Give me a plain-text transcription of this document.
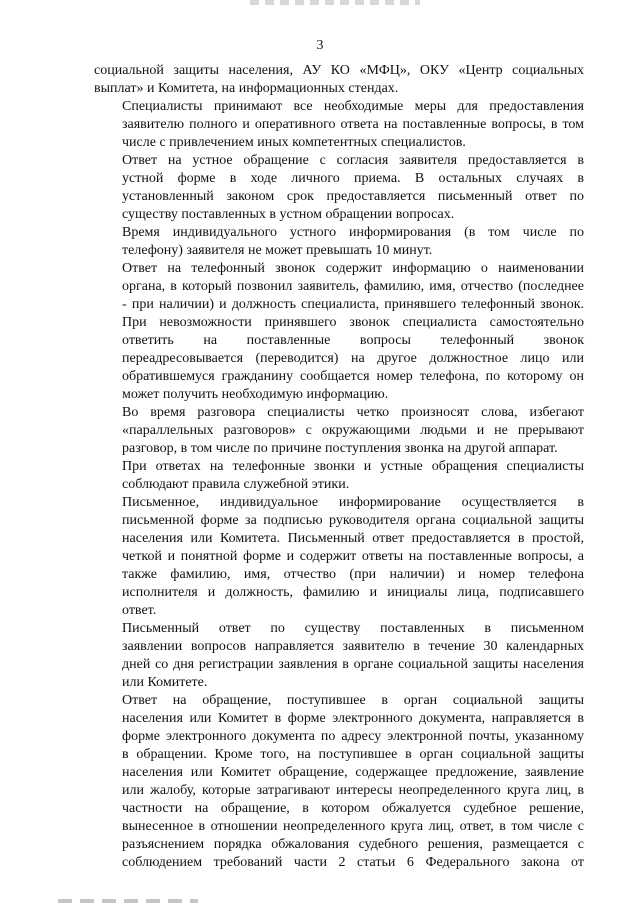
3

социальной защиты населения, АУ КО «МФЦ», ОКУ «Центр социальных
выплат» и Комитета, на информационных стендах.

Специалисты принимают все необходимые меры для предоставления
заявителю полного и оперативного ответа на поставленные вопросы, в том
числе с привлечением иных компетентных специалистов.

Ответ на устное обращение с согласия заявителя предоставляется в
устной форме в ходе личного приема. В остальных случаях в
установленный законом срок предоставляется письменный ответ по
существу поставленных в устном обращении вопросах.

Время индивидуального устного информирования (в том числе по
телефону) заявителя не может превышать 10 минут.

Ответ на телефонный звонок содержит информацию о наименовании
органа, в который позвонил заявитель, фамилию, имя, отчество (последнее
- при наличии) и должность специалиста, принявшего телефонный звонок.
При невозможности принявшего звонок специалиста самостоятельно
ответить на поставленные вопросы телефонный звонок
переадресовывается (переводится) на другое должностное лицо или
обратившемуся гражданину сообщается номер телефона, по которому он
может получить необходимую информацию.

Во время разговора специалисты четко произносят слова, избегают
«параллельных разговоров» с окружающими людьми и не прерывают
разговор, в том числе по причине поступления звонка на другой аппарат.

При ответах на телефонные звонки и устные обращения специалисты
соблюдают правила служебной этики.

Письменное, индивидуальное информирование осуществляется в
письменной форме за подписью руководителя органа социальной защиты
населения или Комитета. Письменный ответ предоставляется в простой,
четкой и понятной форме и содержит ответы на поставленные вопросы, а
также фамилию, имя, отчество (при наличии) и номер телефона
исполнителя и должность, фамилию и инициалы лица, подписавшего
ответ.

Письменный ответ по существу поставленных в письменном
заявлении вопросов направляется заявителю в течение 30 календарных
дней со дня регистрации заявления в органе социальной защиты населения
или Комитете.

Ответ на обращение, поступившее в орган социальной защиты
населения или Комитет в форме электронного документа, направляется в
форме электронного документа по адресу электронной почты, указанному
в обращении. Кроме того, на поступившее в орган социальной защиты
населения или Комитет обращение, содержащее предложение, заявление
или жалобу, которые затрагивают интересы неопределенного круга лиц, в
частности на обращение, в котором обжалуется судебное решение,
вынесенное в отношении неопределенного круга лиц, ответ, в том числе с
разъяснением порядка обжалования судебного решения, размещается с
соблюдением требований части 2 статьи 6 Федерального закона от
